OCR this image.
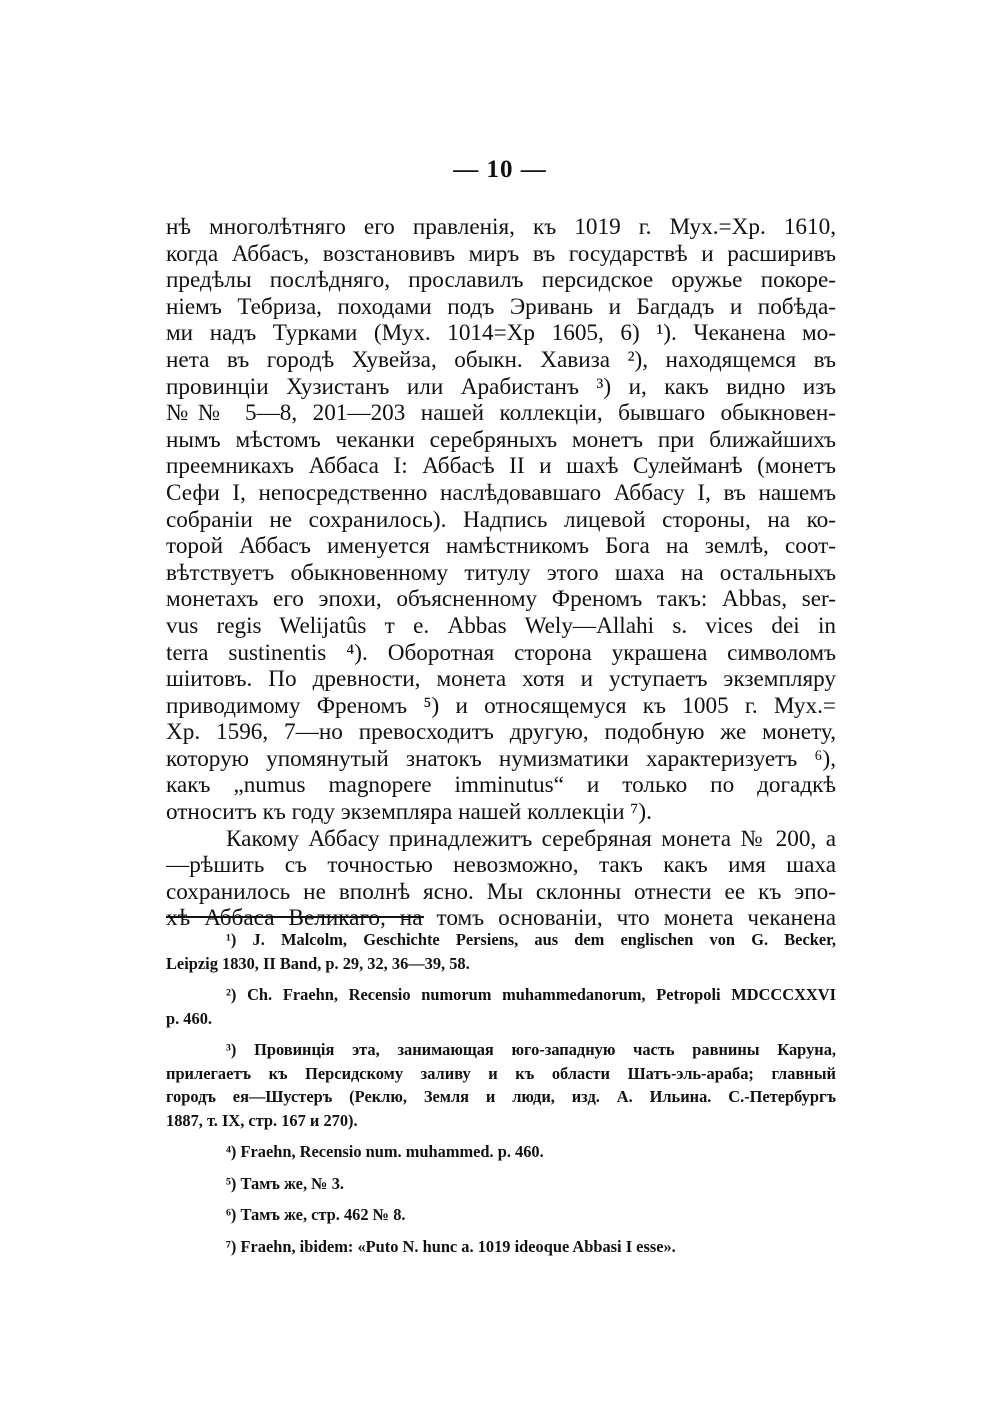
— 10 —
нѣ многолѣтняго его правленія, къ 1019 г. Мух.=Хр. 1610,
когда Аббасъ, возстановивъ миръ въ государствѣ и расширивъ
предѣлы послѣдняго, прославилъ персидское оружье покоре-
ніемъ Тебриза, походами подъ Эривань и Багдадъ и побѣда-
ми надъ Турками (Мух. 1014=Хр 1605, 6) ¹). Чеканена мо-
нета въ городѣ Хувейза, обыкн. Хавиза ²), находящемся въ
провинціи Хузистанъ или Арабистанъ ³) и, какъ видно изъ
№№ 5—8, 201—203 нашей коллекціи, бывшаго обыкновен-
нымъ мѣстомъ чеканки серебряныхъ монетъ при ближайшихъ
преемникахъ Аббаса I: Аббасѣ II и шахѣ Сулейманѣ (монетъ
Сефи I, непосредственно наслѣдовавшаго Аббасу I, въ нашемъ
собраніи не сохранилось). Надпись лицевой стороны, на ко-
торой Аббасъ именуется намѣстникомъ Бога на землѣ, соот-
вѣтствуетъ обыкновенному титулу этого шаха на остальныхъ
монетахъ его эпохи, объясненному Френомъ такъ: Abbas, ser-
vus regis Welijatûs т е. Abbas Wely—Allahi s. vices dei in
terra sustinentis ⁴). Оборотная сторона украшена символомъ
шіитовъ. По древности, монета хотя и уступаетъ экземпляру
приводимому Френомъ ⁵) и относящемуся къ 1005 г. Мух.=
Хр. 1596, 7—но превосходитъ другую, подобную же монету,
которую упомянутый знатокъ нумизматики характеризуетъ ⁶),
какъ „numus magnopere imminutus“ и только по догадкѣ
относитъ къ году экземпляра нашей коллекціи ⁷).
Какому Аббасу принадлежитъ серебряная монета № 200, а
—рѣшить съ точностью невозможно, такъ какъ имя шаха
сохранилось не вполнѣ ясно. Мы склонны отнести ее къ эпо-
хѣ Аббаса Великаго, на томъ основаніи, что монета чеканена
¹) J. Malcolm, Geschichte Persiens, aus dem englischen von G. Becker,
Leipzig 1830, II Band, p. 29, 32, 36—39, 58.
²) Ch. Fraehn, Recensio numorum muhammedanorum, Petropoli MDCCCXXVI
p. 460.
³) Провинція эта, занимающая юго-западную часть равнины Каруна,
прилегаетъ къ Персидскому заливу и къ области Шатъ-эль-араба; главный
городъ ея—Шустеръ (Реклю, Земля и люди, изд. А. Ильина. С.-Петербургъ
1887, т. IX, стр. 167 и 270).
⁴) Fraehn, Recensio num. muhammed. p. 460.
⁵) Тамъ же, № 3.
⁶) Тамъ же, стр. 462 № 8.
⁷) Fraehn, ibidem: «Puto N. hunc a. 1019 ideoque Abbasi I esse».
